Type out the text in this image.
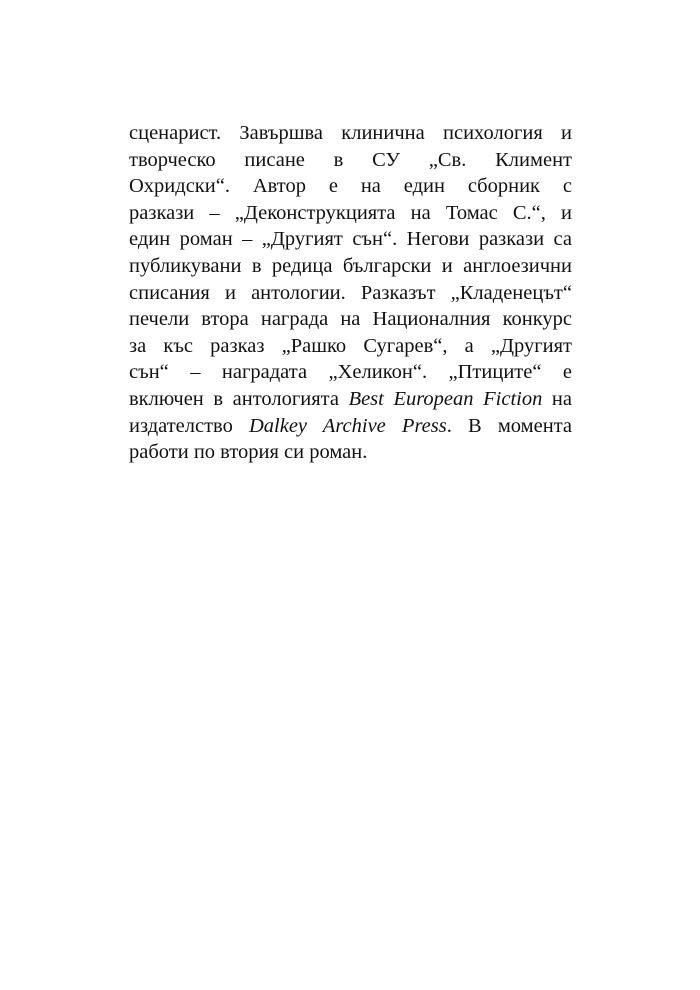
сценарист. Завършва клинична психология и
творческо писане в СУ „Св. Климент
Охридски“. Автор е на един сборник с
разкази – „Деконструкцията на Томас С.“, и
един роман – „Другият сън“. Негови разкази са
публикувани в редица български и англоезични
списания и антологии. Разказът „Кладенецът“
печели втора награда на Националния конкурс
за къс разказ „Рашко Сугарев“, а „Другият
сън“ – наградата „Хеликон“. „Птиците“ е
включен в антологията Best European Fiction на
издателство Dalkey Archive Press. В момента
работи по втория си роман.
